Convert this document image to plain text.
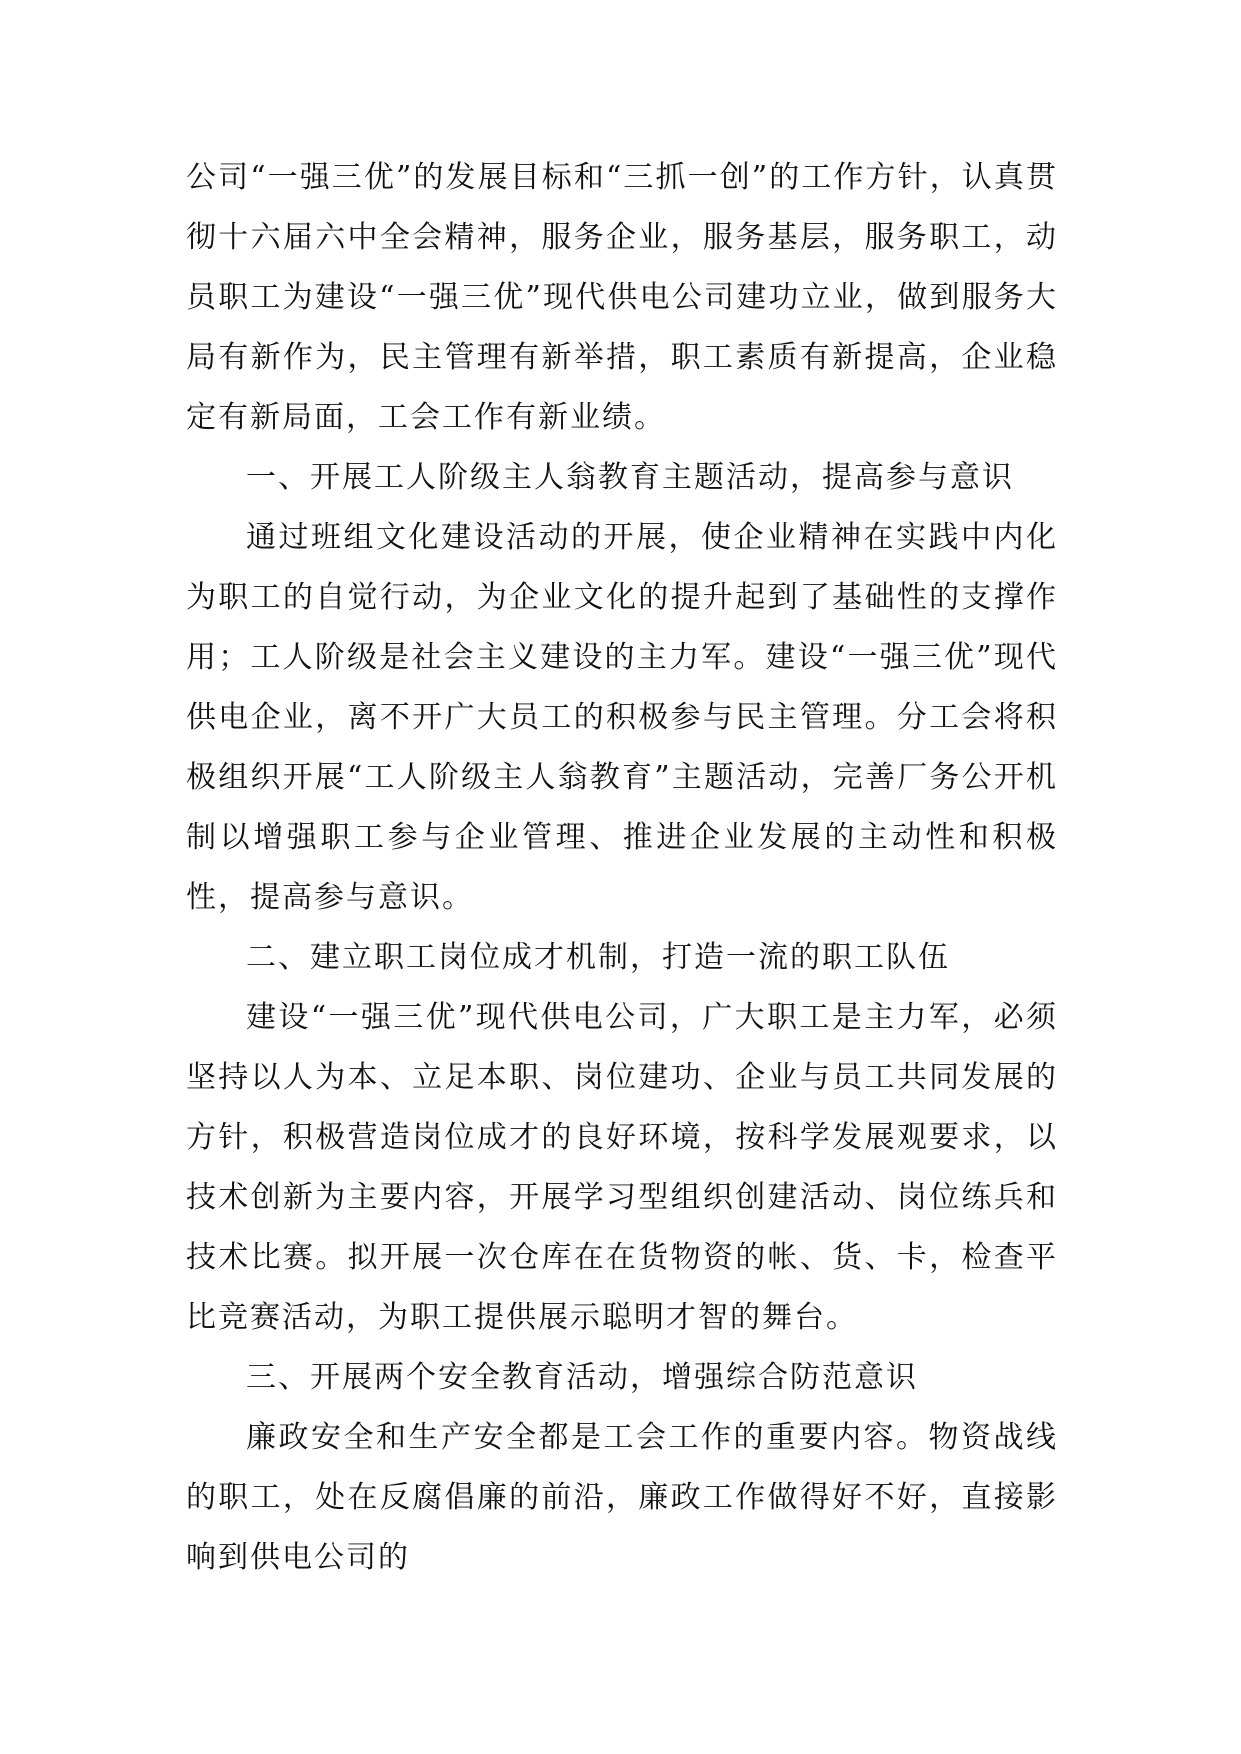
公司“一强三优”的发展目标和“三抓一创”的工作方针，认真贯彻十六届六中全会精神，服务企业，服务基层，服务职工，动员职工为建设“一强三优”现代供电公司建功立业，做到服务大局有新作为，民主管理有新举措，职工素质有新提高，企业稳定有新局面，工会工作有新业绩。

一、开展工人阶级主人翁教育主题活动，提高参与意识

通过班组文化建设活动的开展，使企业精神在实践中内化为职工的自觉行动，为企业文化的提升起到了基础性的支撑作用；工人阶级是社会主义建设的主力军。建设“一强三优”现代供电企业，离不开广大员工的积极参与民主管理。分工会将积极组织开展“工人阶级主人翁教育”主题活动，完善厂务公开机制以增强职工参与企业管理、推进企业发展的主动性和积极性，提高参与意识。

二、建立职工岗位成才机制，打造一流的职工队伍

建设“一强三优”现代供电公司，广大职工是主力军，必须坚持以人为本、立足本职、岗位建功、企业与员工共同发展的方针，积极营造岗位成才的良好环境，按科学发展观要求，以技术创新为主要内容，开展学习型组织创建活动、岗位练兵和技术比赛。拟开展一次仓库在在货物资的帐、货、卡，检查平比竞赛活动，为职工提供展示聪明才智的舞台。

三、开展两个安全教育活动，增强综合防范意识

廉政安全和生产安全都是工会工作的重要内容。物资战线的职工，处在反腐倡廉的前沿，廉政工作做得好不好，直接影响到供电公司的
